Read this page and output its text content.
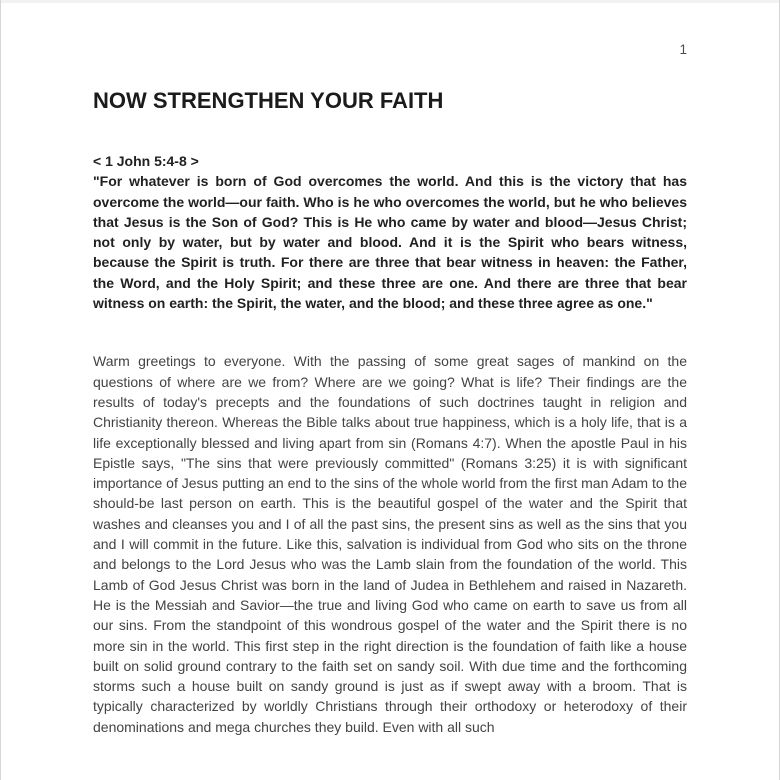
1
NOW STRENGTHEN YOUR FAITH

< 1 John 5:4-8 >

"For whatever is born of God overcomes the world. And this is the victory that has overcome the world—our faith. Who is he who overcomes the world, but he who believes that Jesus is the Son of God? This is He who came by water and blood—Jesus Christ; not only by water, but by water and blood. And it is the Spirit who bears witness, because the Spirit is truth. For there are three that bear witness in heaven: the Father, the Word, and the Holy Spirit; and these three are one. And there are three that bear witness on earth: the Spirit, the water, and the blood; and these three agree as one."

Warm greetings to everyone. With the passing of some great sages of mankind on the questions of where are we from? Where are we going? What is life? Their findings are the results of today's precepts and the foundations of such doctrines taught in religion and Christianity thereon. Whereas the Bible talks about true happiness, which is a holy life, that is a life exceptionally blessed and living apart from sin (Romans 4:7). When the apostle Paul in his Epistle says, "The sins that were previously committed" (Romans 3:25) it is with significant importance of Jesus putting an end to the sins of the whole world from the first man Adam to the should-be last person on earth. This is the beautiful gospel of the water and the Spirit that washes and cleanses you and I of all the past sins, the present sins as well as the sins that you and I will commit in the future. Like this, salvation is individual from God who sits on the throne and belongs to the Lord Jesus who was the Lamb slain from the foundation of the world. This Lamb of God Jesus Christ was born in the land of Judea in Bethlehem and raised in Nazareth. He is the Messiah and Savior—the true and living God who came on earth to save us from all our sins. From the standpoint of this wondrous gospel of the water and the Spirit there is no more sin in the world. This first step in the right direction is the foundation of faith like a house built on solid ground contrary to the faith set on sandy soil. With due time and the forthcoming storms such a house built on sandy ground is just as if swept away with a broom. That is typically characterized by worldly Christians through their orthodoxy or heterodoxy of their denominations and mega churches they build. Even with all such
